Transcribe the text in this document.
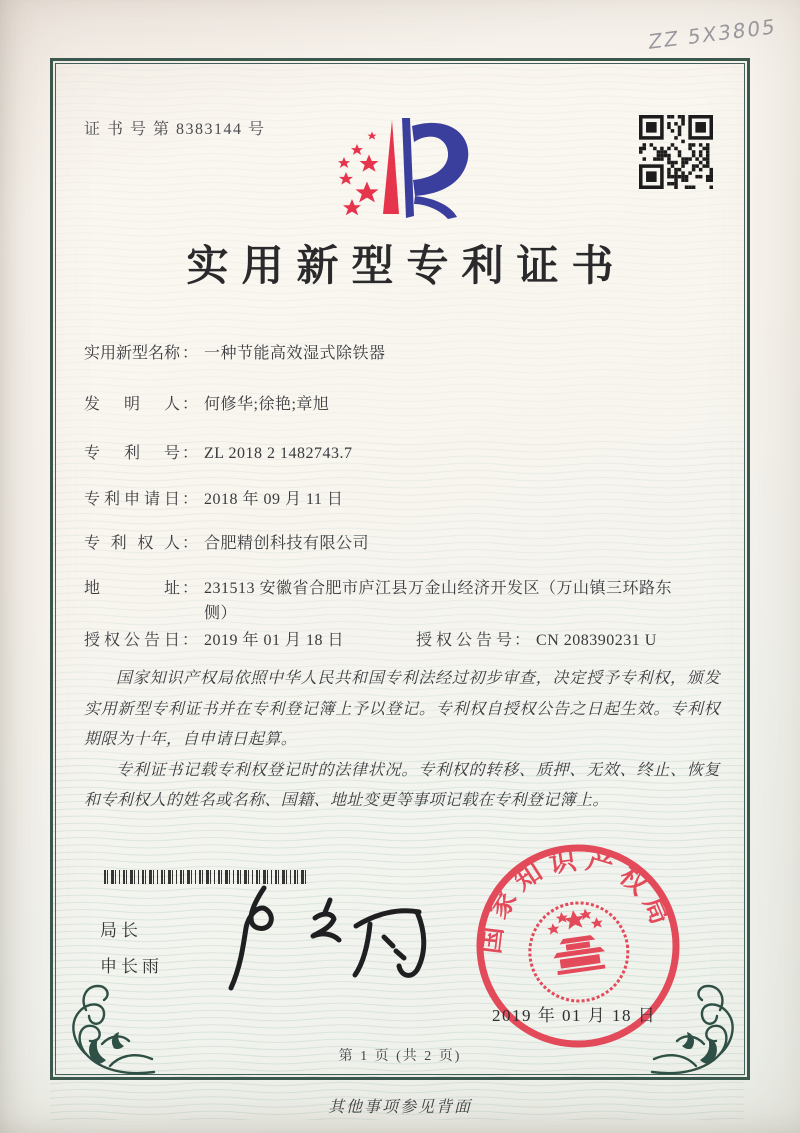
ZZ 5X3805
证 书 号 第 8383144 号
实用新型专利证书
实用新型名称 ： 一种节能高效湿式除铁器
发明人 ： 何修华;徐艳;章旭
专利号 ： ZL 2018 2 1482743.7
专利申请日 ： 2018 年 09 月 11 日
专利权人 ： 合肥精创科技有限公司
地址 ： 231513 安徽省合肥市庐江县万金山经济开发区（万山镇三环路东侧）
授权公告日 ： 2019 年 01 月 18 日	授权公告号 ： CN 208390231 U

国家知识产权局依照中华人民共和国专利法经过初步审查，决定授予专利权，颁发实用新型专利证书并在专利登记簿上予以登记。专利权自授权公告之日起生效。专利权期限为十年，自申请日起算。

专利证书记载专利权登记时的法律状况。专利权的转移、质押、无效、终止、恢复和专利权人的姓名或名称、国籍、地址变更等事项记载在专利登记簿上。

局长
申长雨
国家知识产权局
2019 年 01 月 18 日
第 1 页 (共 2 页)
其他事项参见背面
